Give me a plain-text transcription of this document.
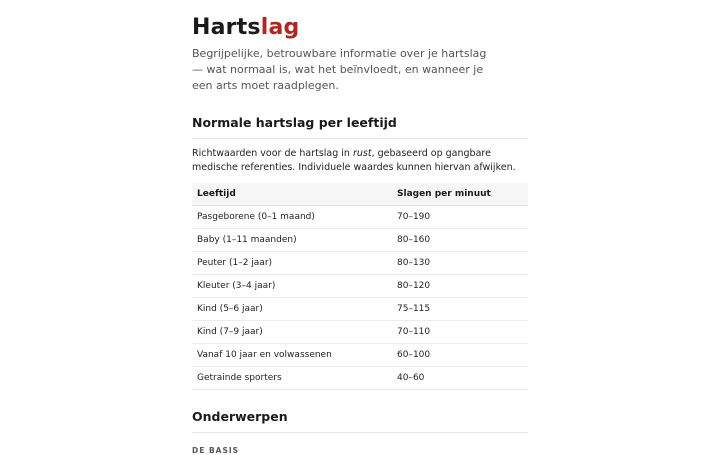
Hartslag

Begrijpelijke, betrouwbare informatie over je hartslag — wat normaal is, wat het beïnvloedt, en wanneer je een arts moet raadplegen.

Normale hartslag per leeftijd

Richtwaarden voor de hartslag in rust, gebaseerd op gangbare medische referenties. Individuele waardes kunnen hiervan afwijken.

Leeftijd	Slagen per minuut
Pasgeborene (0–1 maand)	70–190
Baby (1–11 maanden)	80–160
Peuter (1–2 jaar)	80–130
Kleuter (3–4 jaar)	80–120
Kind (5–6 jaar)	75–115
Kind (7–9 jaar)	70–110
Vanaf 10 jaar en volwassenen	60–100
Getrainde sporters	40–60
Onderwerpen
DE BASIS
